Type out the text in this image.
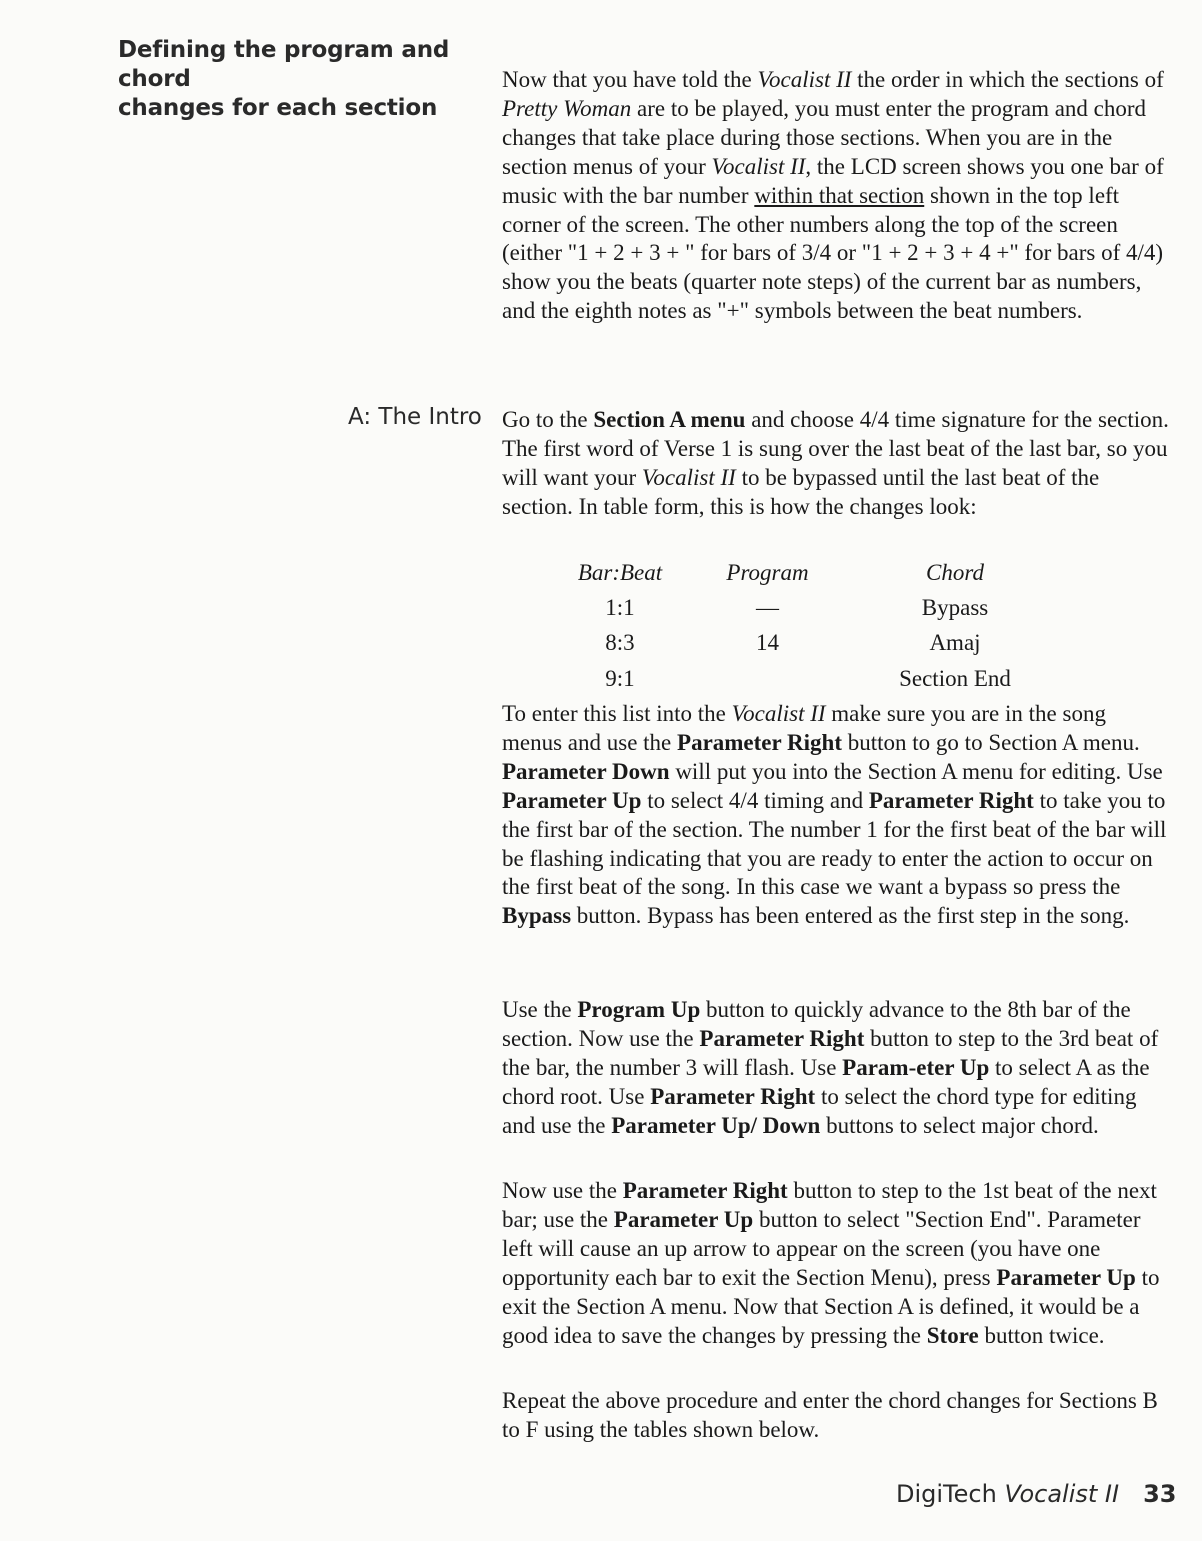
Defining the program and chord
changes for each section

Now that you have told the Vocalist II the order in which the sections of Pretty Woman are to be played, you must enter the program and chord changes that take place during those sections. When you are in the section menus of your Vocalist II, the LCD screen shows you one bar of music with the bar number within that section shown in the top left corner of the screen. The other numbers along the top of the screen (either "1 + 2 + 3 + " for bars of 3/4 or "1 + 2 + 3 + 4 +" for bars of 4/4) show you the beats (quarter note steps) of the current bar as numbers, and the eighth notes as "+" symbols between the beat numbers.

A: The Intro Go to the Section A menu and choose 4/4 time signature for the section. The first word of Verse 1 is sung over the last beat of the last bar, so you will want your Vocalist II to be bypassed until the last beat of the section. In table form, this is how the changes look:

Bar:Beat	Program	Chord
1:1	—	Bypass
8:3	14	Amaj
9:1		Section End

To enter this list into the Vocalist II make sure you are in the song menus and use the Parameter Right button to go to Section A menu. Parameter Down will put you into the Section A menu for editing. Use Parameter Up to select 4/4 timing and Parameter Right to take you to the first bar of the section. The number 1 for the first beat of the bar will be flashing indicating that you are ready to enter the action to occur on the first beat of the song. In this case we want a bypass so press the Bypass button. Bypass has been entered as the first step in the song.

Use the Program Up button to quickly advance to the 8th bar of the section. Now use the Parameter Right button to step to the 3rd beat of the bar, the number 3 will flash. Use Param-eter Up to select A as the chord root. Use Parameter Right to select the chord type for editing and use the Parameter Up/ Down buttons to select major chord.

Now use the Parameter Right button to step to the 1st beat of the next bar; use the Parameter Up button to select "Section End". Parameter left will cause an up arrow to appear on the screen (you have one opportunity each bar to exit the Section Menu), press Parameter Up to exit the Section A menu. Now that Section A is defined, it would be a good idea to save the changes by pressing the Store button twice.

Repeat the above procedure and enter the chord changes for Sections B to F using the tables shown below.

DigiTech Vocalist II 33
